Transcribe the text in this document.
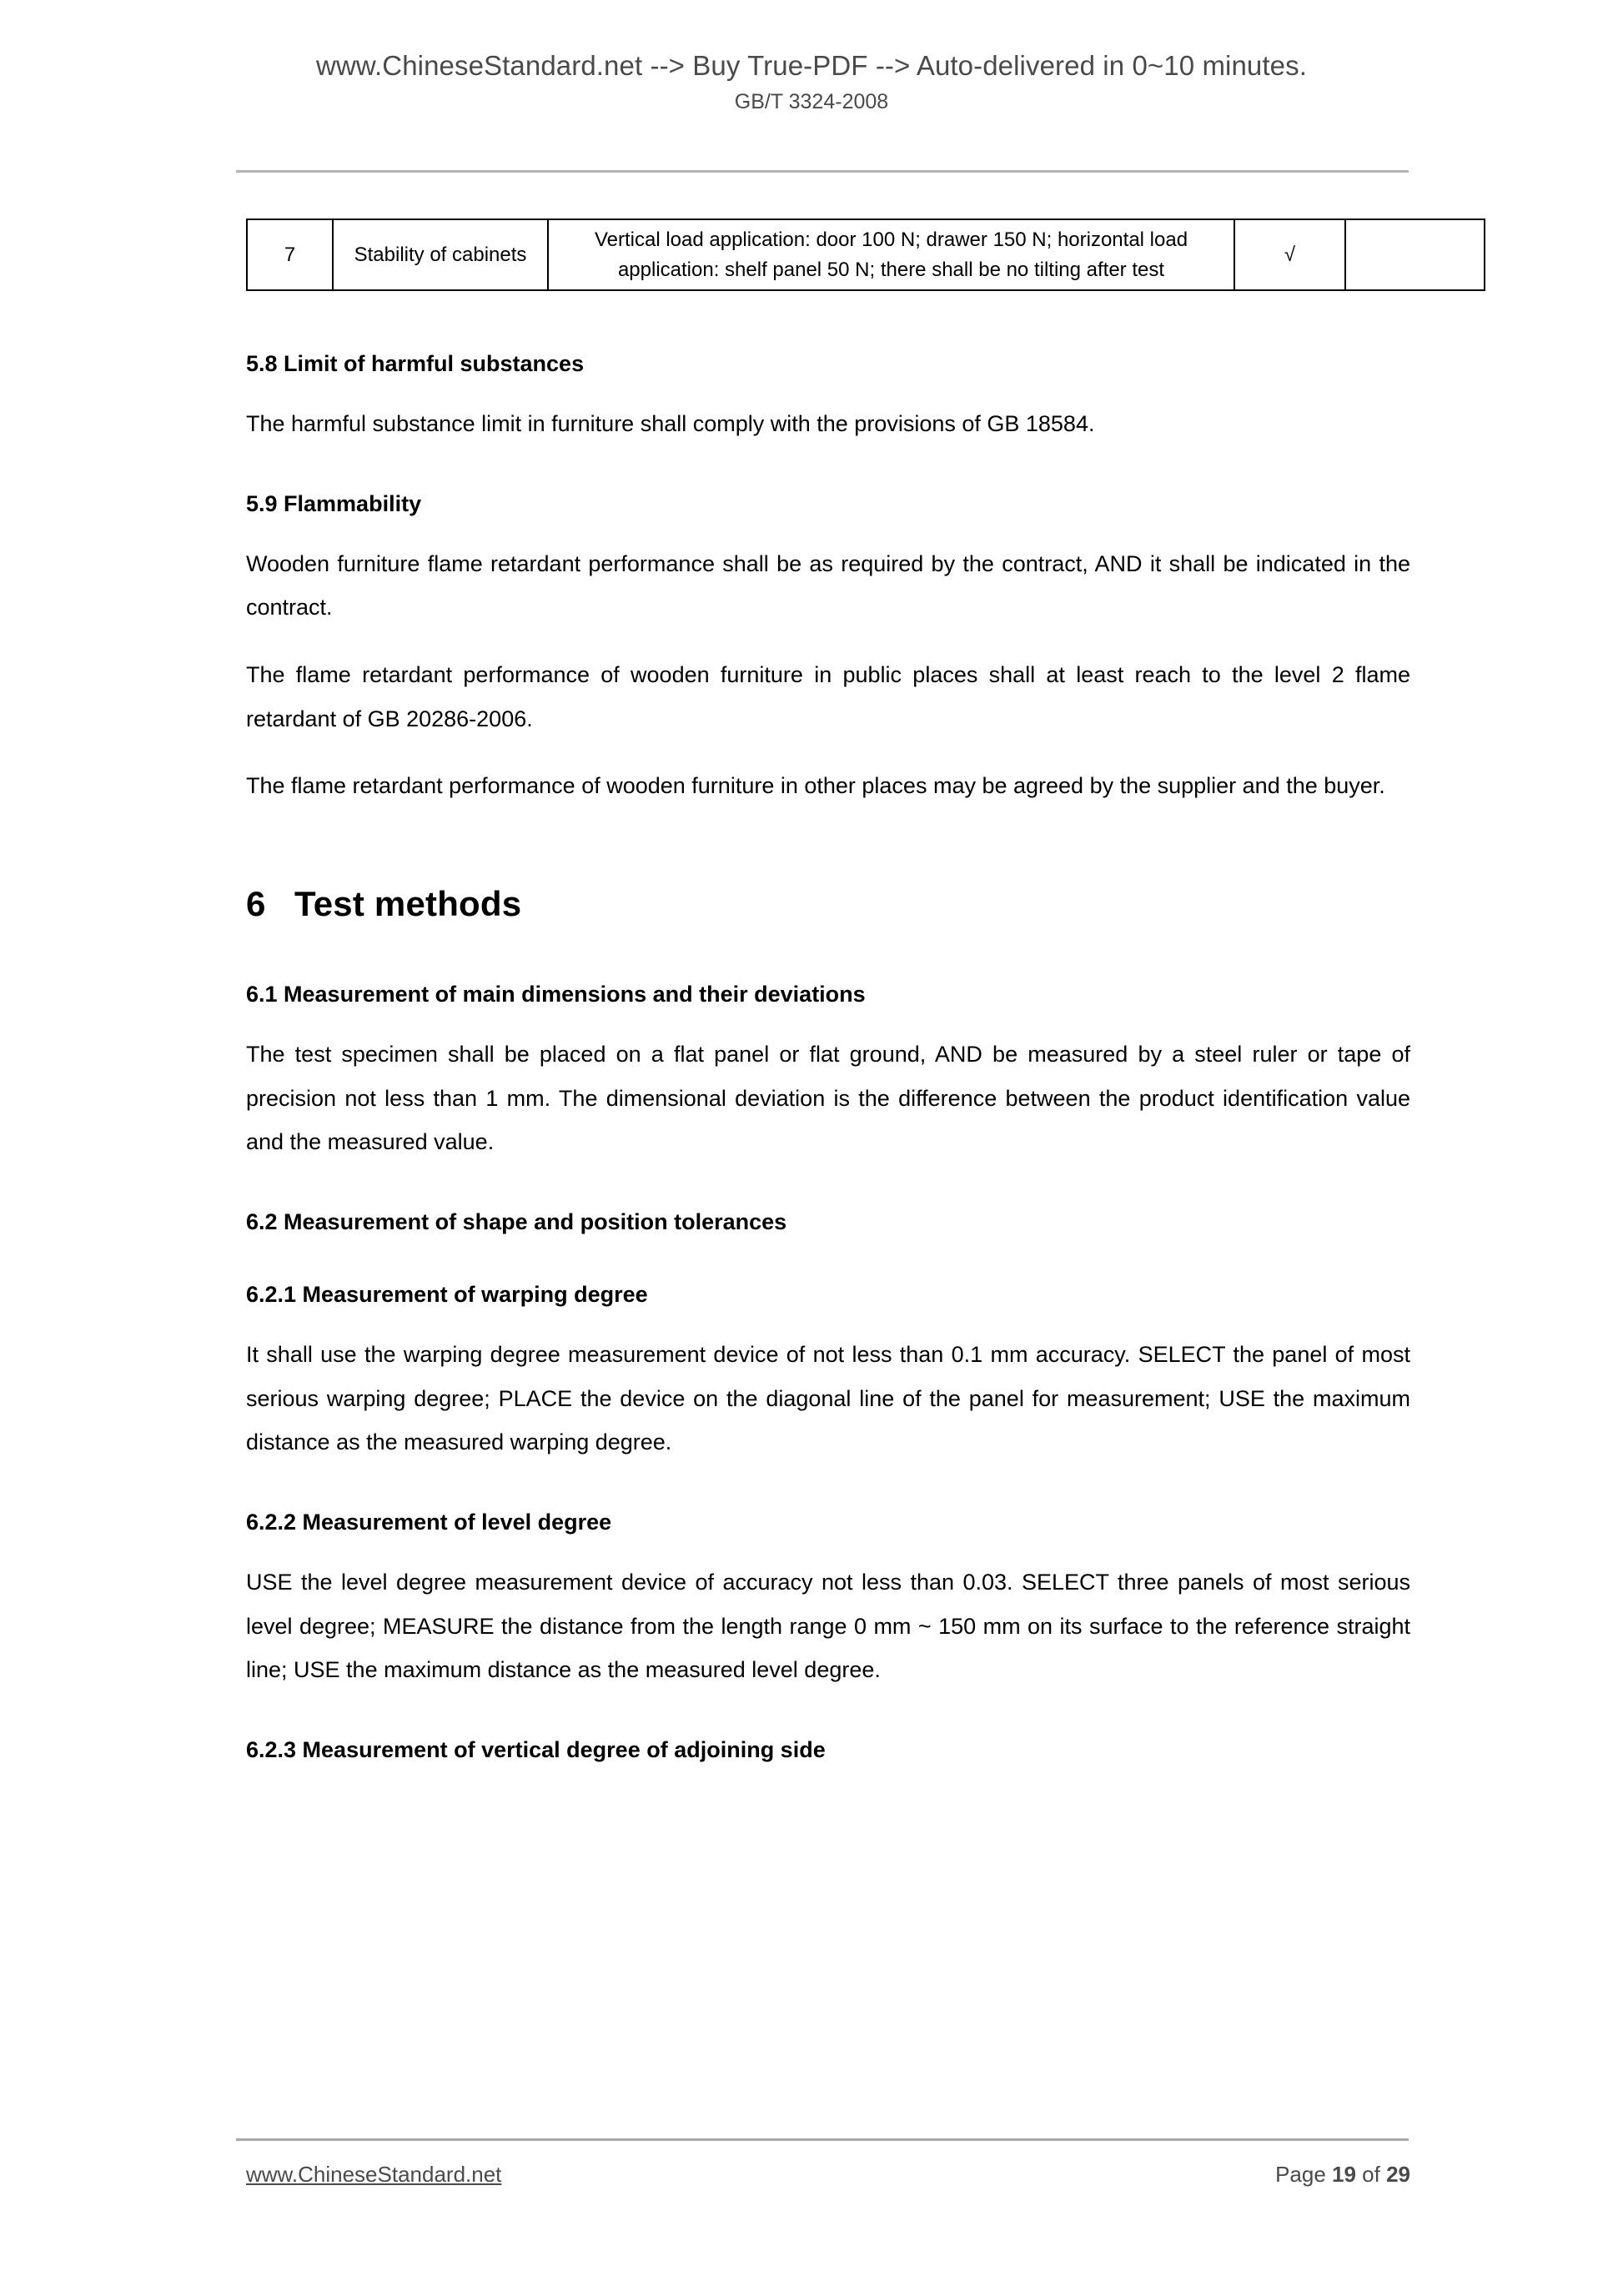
www.ChineseStandard.net --> Buy True-PDF --> Auto-delivered in 0~10 minutes.
GB/T 3324-2008
7	Stability of cabinets	Vertical load application: door 100 N; drawer 150 N; horizontal load application: shelf panel 50 N; there shall be no tilting after test	√	
5.8 Limit of harmful substances

The harmful substance limit in furniture shall comply with the provisions of GB 18584.

5.9 Flammability

Wooden furniture flame retardant performance shall be as required by the contract, AND it shall be indicated in the contract.

The flame retardant performance of wooden furniture in public places shall at least reach to the level 2 flame retardant of GB 20286-2006.

The flame retardant performance of wooden furniture in other places may be agreed by the supplier and the buyer.

6 Test methods
6.1 Measurement of main dimensions and their deviations

The test specimen shall be placed on a flat panel or flat ground, AND be measured by a steel ruler or tape of precision not less than 1 mm. The dimensional deviation is the difference between the product identification value and the measured value.

6.2 Measurement of shape and position tolerances
6.2.1 Measurement of warping degree

It shall use the warping degree measurement device of not less than 0.1 mm accuracy. SELECT the panel of most serious warping degree; PLACE the device on the diagonal line of the panel for measurement; USE the maximum distance as the measured warping degree.

6.2.2 Measurement of level degree

USE the level degree measurement device of accuracy not less than 0.03. SELECT three panels of most serious level degree; MEASURE the distance from the length range 0 mm ~ 150 mm on its surface to the reference straight line; USE the maximum distance as the measured level degree.

6.2.3 Measurement of vertical degree of adjoining side
www.ChineseStandard.net	Page 19 of 29
